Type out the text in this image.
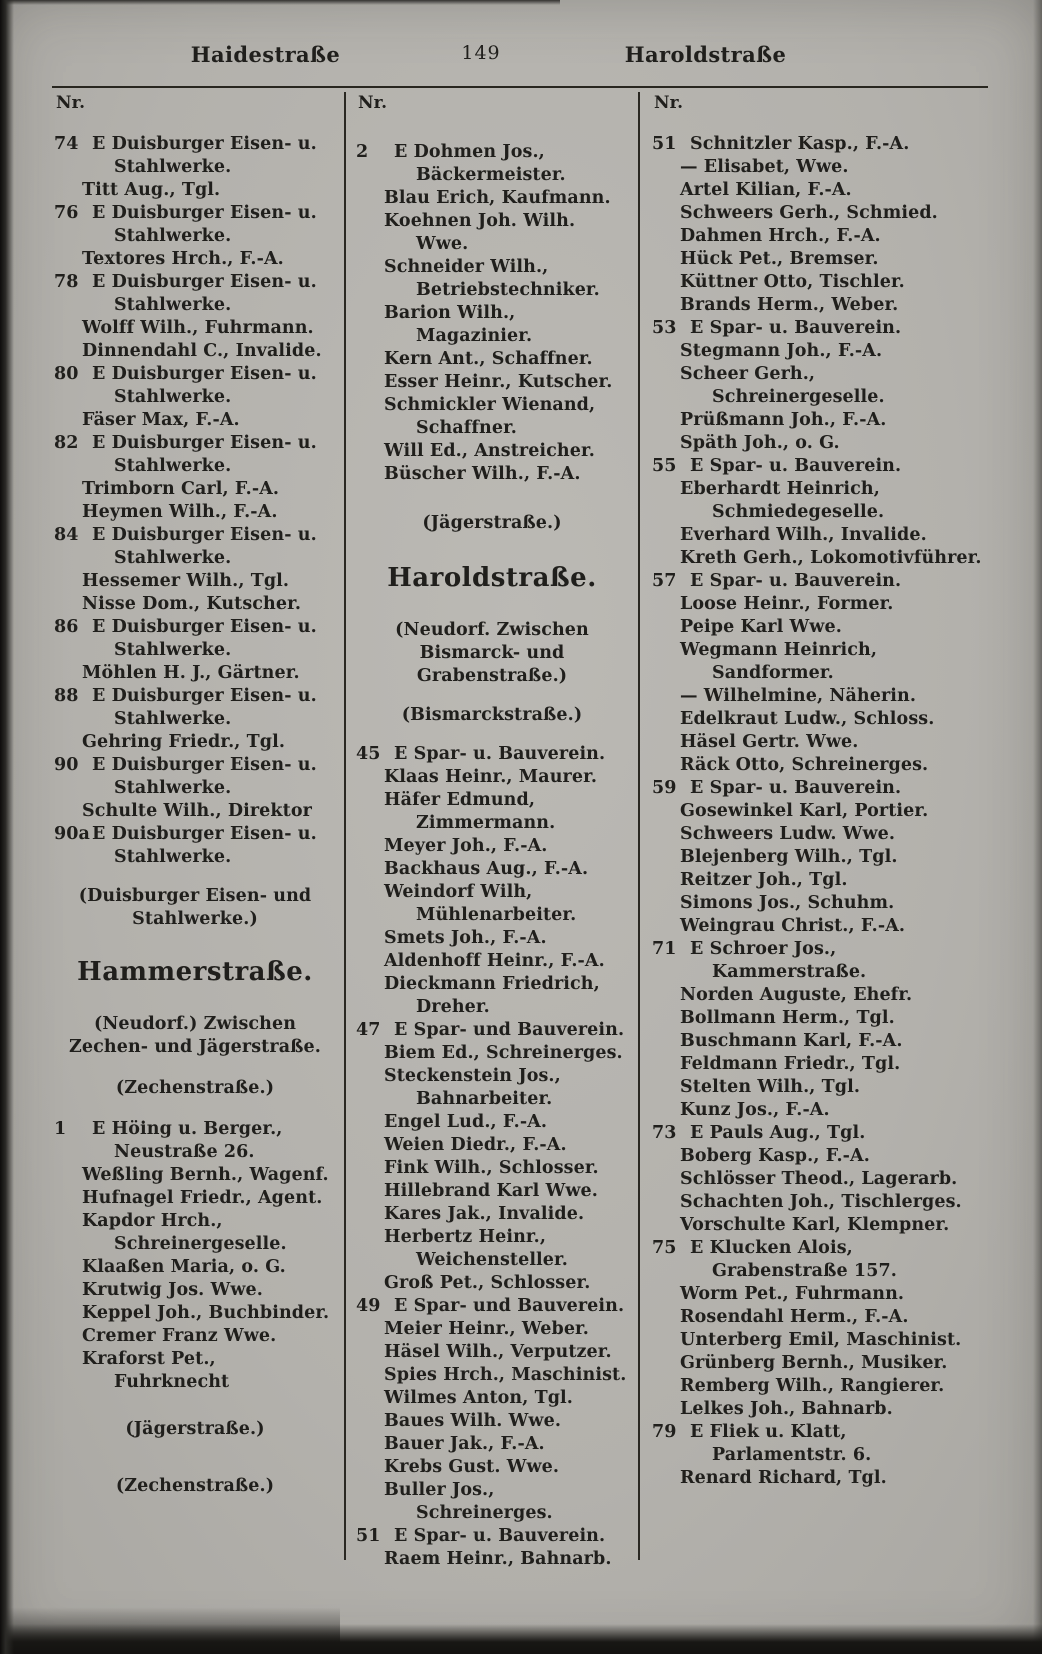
Haidestraße	149	Haroldstraße
Nr.
74 E Duisburger Eisen- u. Stahlwerke.
Titt Aug., Tgl.
76 E Duisburger Eisen- u. Stahlwerke.
Textores Hrch., F.-A.
78 E Duisburger Eisen- u. Stahlwerke.
Wolff Wilh., Fuhrmann.
Dinnendahl C., Invalide.
80 E Duisburger Eisen- u. Stahlwerke.
Fäser Max, F.-A.
82 E Duisburger Eisen- u. Stahlwerke.
Trimborn Carl, F.-A.
Heymen Wilh., F.-A.
84 E Duisburger Eisen- u. Stahlwerke.
Hessemer Wilh., Tgl.
Nisse Dom., Kutscher.
86 E Duisburger Eisen- u. Stahlwerke.
Möhlen H. J., Gärtner.
88 E Duisburger Eisen- u. Stahlwerke.
Gehring Friedr., Tgl.
90 E Duisburger Eisen- u. Stahlwerke.
Schulte Wilh., Direktor
90a E Duisburger Eisen- u. Stahlwerke.
(Duisburger Eisen- und Stahlwerke.)
Hammerstraße.
(Neudorf.) Zwischen Zechen- und Jägerstraße.
(Zechenstraße.)
1 E Höing u. Berger., Neustraße 26.
Weßling Bernh., Wagenf.
Hufnagel Friedr., Agent.
Kapdor Hrch., Schreinergeselle.
Klaaßen Maria, o. G.
Krutwig Jos. Wwe.
Keppel Joh., Buchbinder.
Cremer Franz Wwe.
Kraforst Pet., Fuhrknecht
(Jägerstraße.)
(Zechenstraße.)
Nr.
2 E Dohmen Jos., Bäckermeister.
Blau Erich, Kaufmann.
Koehnen Joh. Wilh. Wwe.
Schneider Wilh., Betriebstechniker.
Barion Wilh., Magazinier.
Kern Ant., Schaffner.
Esser Heinr., Kutscher.
Schmickler Wienand, Schaffner.
Will Ed., Anstreicher.
Büscher Wilh., F.-A.
(Jägerstraße.)
Haroldstraße.
(Neudorf. Zwischen Bismarck- und Grabenstraße.)
(Bismarckstraße.)
45 E Spar- u. Bauverein.
Klaas Heinr., Maurer.
Häfer Edmund, Zimmermann.
Meyer Joh., F.-A.
Backhaus Aug., F.-A.
Weindorf Wilh, Mühlenarbeiter.
Smets Joh., F.-A.
Aldenhoff Heinr., F.-A.
Dieckmann Friedrich, Dreher.
47 E Spar- und Bauverein.
Biem Ed., Schreinerges.
Steckenstein Jos., Bahnarbeiter.
Engel Lud., F.-A.
Weien Diedr., F.-A.
Fink Wilh., Schlosser.
Hillebrand Karl Wwe.
Kares Jak., Invalide.
Herbertz Heinr., Weichensteller.
Groß Pet., Schlosser.
49 E Spar- und Bauverein.
Meier Heinr., Weber.
Häsel Wilh., Verputzer.
Spies Hrch., Maschinist.
Wilmes Anton, Tgl.
Baues Wilh. Wwe.
Bauer Jak., F.-A.
Krebs Gust. Wwe.
Buller Jos., Schreinerges.
51 E Spar- u. Bauverein.
Raem Heinr., Bahnarb.
Nr.
51 Schnitzler Kasp., F.-A.
— Elisabet, Wwe.
Artel Kilian, F.-A.
Schweers Gerh., Schmied.
Dahmen Hrch., F.-A.
Hück Pet., Bremser.
Küttner Otto, Tischler.
Brands Herm., Weber.
53 E Spar- u. Bauverein.
Stegmann Joh., F.-A.
Scheer Gerh., Schreinergeselle.
Prüßmann Joh., F.-A.
Späth Joh., o. G.
55 E Spar- u. Bauverein.
Eberhardt Heinrich, Schmiedegeselle.
Everhard Wilh., Invalide.
Kreth Gerh., Lokomotivführer.
57 E Spar- u. Bauverein.
Loose Heinr., Former.
Peipe Karl Wwe.
Wegmann Heinrich, Sandformer.
— Wilhelmine, Näherin.
Edelkraut Ludw., Schloss.
Häsel Gertr. Wwe.
Räck Otto, Schreinerges.
59 E Spar- u. Bauverein.
Gosewinkel Karl, Portier.
Schweers Ludw. Wwe.
Blejenberg Wilh., Tgl.
Reitzer Joh., Tgl.
Simons Jos., Schuhm.
Weingrau Christ., F.-A.
71 E Schroer Jos., Kammerstraße.
Norden Auguste, Ehefr.
Bollmann Herm., Tgl.
Buschmann Karl, F.-A.
Feldmann Friedr., Tgl.
Stelten Wilh., Tgl.
Kunz Jos., F.-A.
73 E Pauls Aug., Tgl.
Boberg Kasp., F.-A.
Schlösser Theod., Lagerarb.
Schachten Joh., Tischlerges.
Vorschulte Karl, Klempner.
75 E Klucken Alois, Grabenstraße 157.
Worm Pet., Fuhrmann.
Rosendahl Herm., F.-A.
Unterberg Emil, Maschinist.
Grünberg Bernh., Musiker.
Remberg Wilh., Rangierer.
Lelkes Joh., Bahnarb.
79 E Fliek u. Klatt, Parlamentstr. 6.
Renard Richard, Tgl.
